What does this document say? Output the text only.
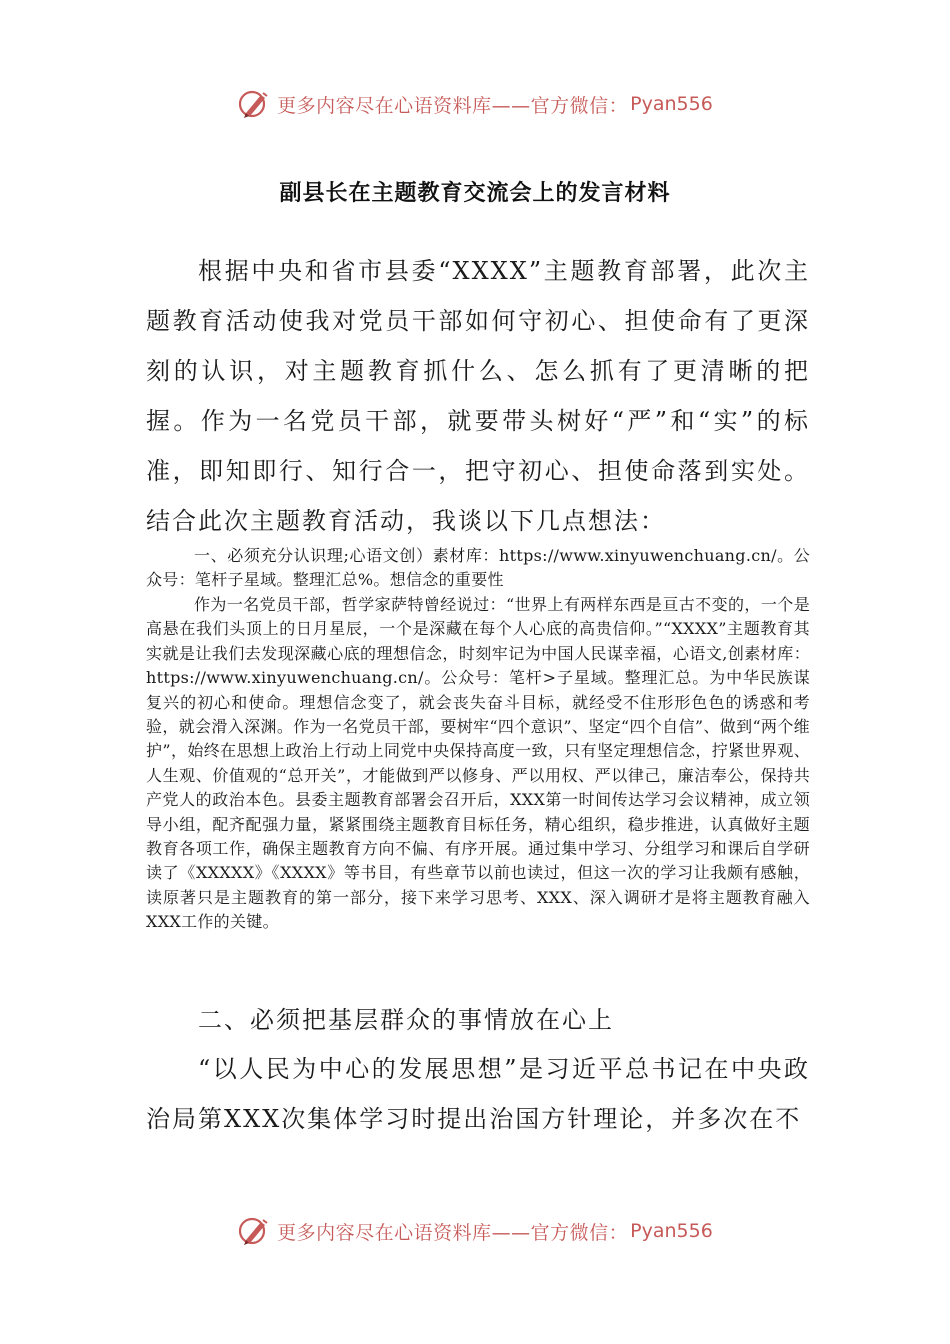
更多内容尽在心语资料库——官方微信： Pyan556
副县长在主题教育交流会上的发言材料

根据中央和省市县委“XXXX”主题教育部署，此次主题教育活动使我对党员干部如何守初心、担使命有了更深刻的认识，对主题教育抓什么、怎么抓有了更清晰的把握。作为一名党员干部，就要带头树好“严”和“实”的标准，即知即行、知行合一，把守初心、担使命落到实处。结合此次主题教育活动，我谈以下几点想法：

一、必须充分认识理;心语文创）素材库：https://www.xinyuwenchuang.cn/。公众号：笔杆子星域。整理汇总%。想信念的重要性

作为一名党员干部，哲学家萨特曾经说过：“世界上有两样东西是亘古不变的，一个是高悬在我们头顶上的日月星辰，一个是深藏在每个人心底的高贵信仰。”“XXXX”主题教育其实就是让我们去发现深藏心底的理想信念，时刻牢记为中国人民谋幸福，心语文,创素材库：https://www.xinyuwenchuang.cn/。公众号：笔杆>子星域。整理汇总。为中华民族谋复兴的初心和使命。理想信念变了，就会丧失奋斗目标，就经受不住形形色色的诱惑和考验，就会滑入深渊。作为一名党员干部，要树牢“四个意识”、坚定“四个自信”、做到“两个维护”，始终在思想上政治上行动上同党中央保持高度一致，只有坚定理想信念，拧紧世界观、人生观、价值观的“总开关”，才能做到严以修身、严以用权、严以律己，廉洁奉公，保持共产党人的政治本色。县委主题教育部署会召开后，XXX第一时间传达学习会议精神，成立领导小组，配齐配强力量，紧紧围绕主题教育目标任务，精心组织，稳步推进，认真做好主题教育各项工作，确保主题教育方向不偏、有序开展。通过集中学习、分组学习和课后自学研读了《XXXXX》《XXXX》等书目，有些章节以前也读过，但这一次的学习让我颇有感触，读原著只是主题教育的第一部分，接下来学习思考、XXX、深入调研才是将主题教育融入XXX工作的关键。

二、必须把基层群众的事情放在心上

“以人民为中心的发展思想”是习近平总书记在中央政治局第XXX次集体学习时提出治国方针理论，并多次在不

更多内容尽在心语资料库——官方微信： Pyan556
